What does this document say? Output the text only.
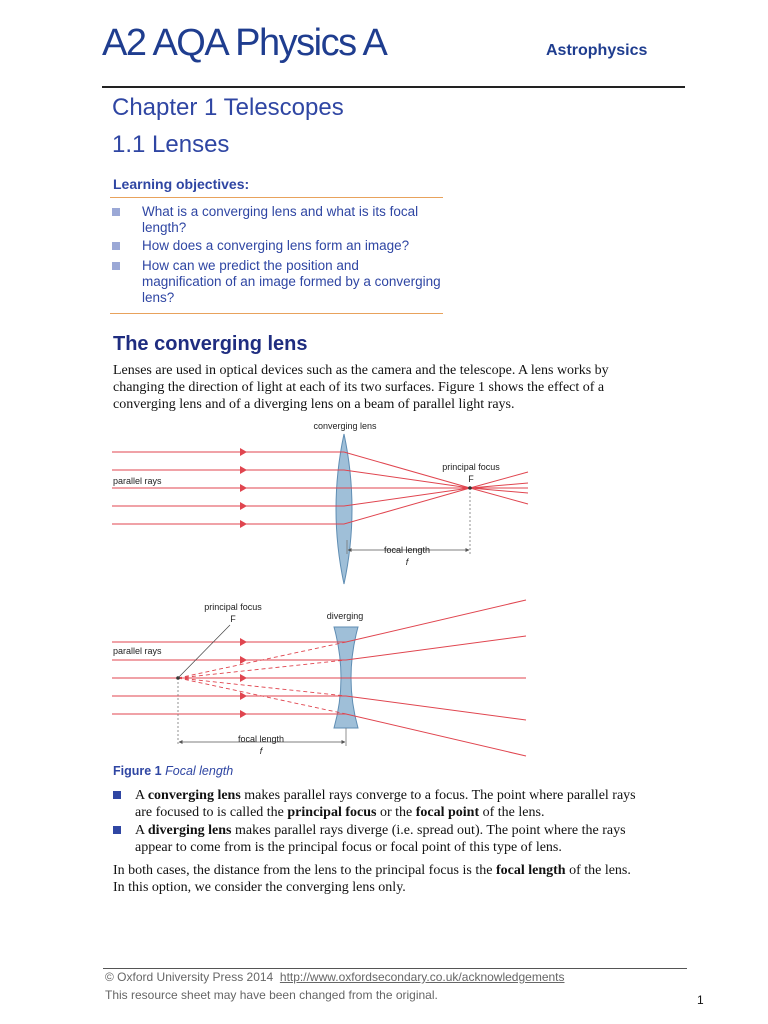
A2 AQA Physics A	Astrophysics
Chapter 1 Telescopes
1.1 Lenses
Learning objectives:
What is a converging lens and what is its focal length?
How does a converging lens form an image?
How can we predict the position and magnification of an image formed by a converging lens?
The converging lens
Lenses are used in optical devices such as the camera and the telescope. A lens works by changing the direction of light at each of its two surfaces. Figure 1 shows the effect of a converging lens and of a diverging lens on a beam of parallel light rays.
converging lens
parallel rays
principal focus
F
focal length
f
principal focus
F	diverging
parallel rays
focal length
f
Figure 1 Focal length
A converging lens makes parallel rays converge to a focus. The point where parallel rays are focused to is called the principal focus or the focal point of the lens.
A diverging lens makes parallel rays diverge (i.e. spread out). The point where the rays appear to come from is the principal focus or focal point of this type of lens.
In both cases, the distance from the lens to the principal focus is the focal length of the lens. In this option, we consider the converging lens only.
© Oxford University Press 2014 http://www.oxfordsecondary.co.uk/acknowledgements
This resource sheet may have been changed from the original.	1
